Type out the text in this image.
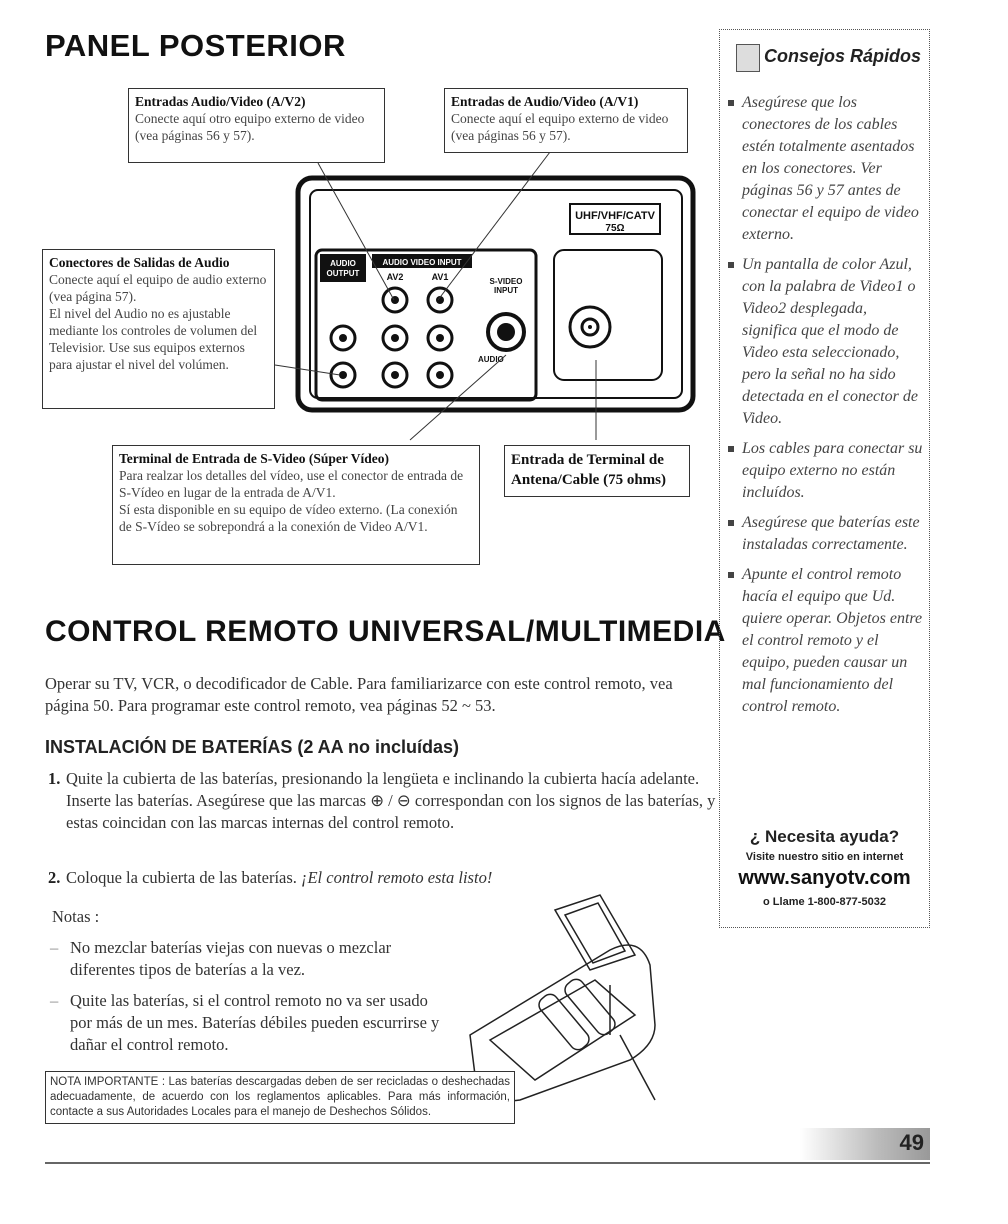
PANEL POSTERIOR
UHF/VHF/CATV
75Ω
AUDIO
OUTPUT
AUDIO VIDEO INPUT
AV2	AV1	S-VIDEO
INPUT
AUDIO
Entradas Audio/Video (A/V2)
Conecte aquí otro equipo externo de video (vea páginas 56 y 57).
Entradas de Audio/Video (A/V1)
Conecte aquí el equipo externo de video (vea páginas 56 y 57).
Conectores de Salidas de Audio
Conecte aquí el equipo de audio externo (vea página 57).
El nivel del Audio no es ajustable mediante los controles de volumen del Televisior. Use sus equipos externos para ajustar el nivel del volúmen.
Terminal de Entrada de S-Video (Súper Vídeo)
Para realzar los detalles del vídeo, use el conector de entrada de S-Vídeo en lugar de la entrada de A/V1.
Sí esta disponible en su equipo de vídeo externo. (La conexión de S-Vídeo se sobrepondrá a la conexión de Video A/V1.
Entrada de Terminal de Antena/Cable (75 ohms)
CONTROL REMOTO UNIVERSAL/MULTIMEDIA
Operar su TV, VCR, o decodificador de Cable. Para familiarizarce con este control remoto, vea página 50. Para programar este control remoto, vea páginas 52 ~ 53.
INSTALACIÓN DE BATERÍAS (2 AA no incluídas)
1. Quite la cubierta de las baterías, presionando la lengüeta e inclinando la cubierta hacía adelante. Inserte las baterías. Asegúrese que las marcas ⊕ / ⊖ correspondan con los signos de las baterías, y estas coincidan con las marcas internas del control remoto.
2. Coloque la cubierta de las baterías. ¡El control remoto esta listo!
Notas :
– No mezclar baterías viejas con nuevas o mezclar diferentes tipos de baterías a la vez.
– Quite las baterías, si el control remoto no va ser usado por más de un mes. Baterías débiles pueden escurrirse y dañar el control remoto.
NOTA IMPORTANTE : Las baterías descargadas deben de ser recicladas o deshechadas adecuadamente, de acuerdo con los reglamentos aplicables. Para más información, contacte a sus Autoridades Locales para el manejo de Deshechos Sólidos.
Consejos Rápidos
Asegúrese que los conectores de los cables estén totalmente asentados en los conectores. Ver páginas 56 y 57 antes de conectar el equipo de video externo.
Un pantalla de color Azul, con la palabra de Video1 o Video2 desplegada, significa que el modo de Video esta seleccionado, pero la señal no ha sido detectada en el conector de Video.
Los cables para conectar su equipo externo no están incluídos.
Asegúrese que baterías este instaladas correctamente.
Apunte el control remoto hacía el equipo que Ud. quiere operar. Objetos entre el control remoto y el equipo, pueden causar un mal funcionamiento del control remoto.
¿ Necesita ayuda?
Visite nuestro sitio en internet
www.sanyotv.com
o Llame 1-800-877-5032
49
